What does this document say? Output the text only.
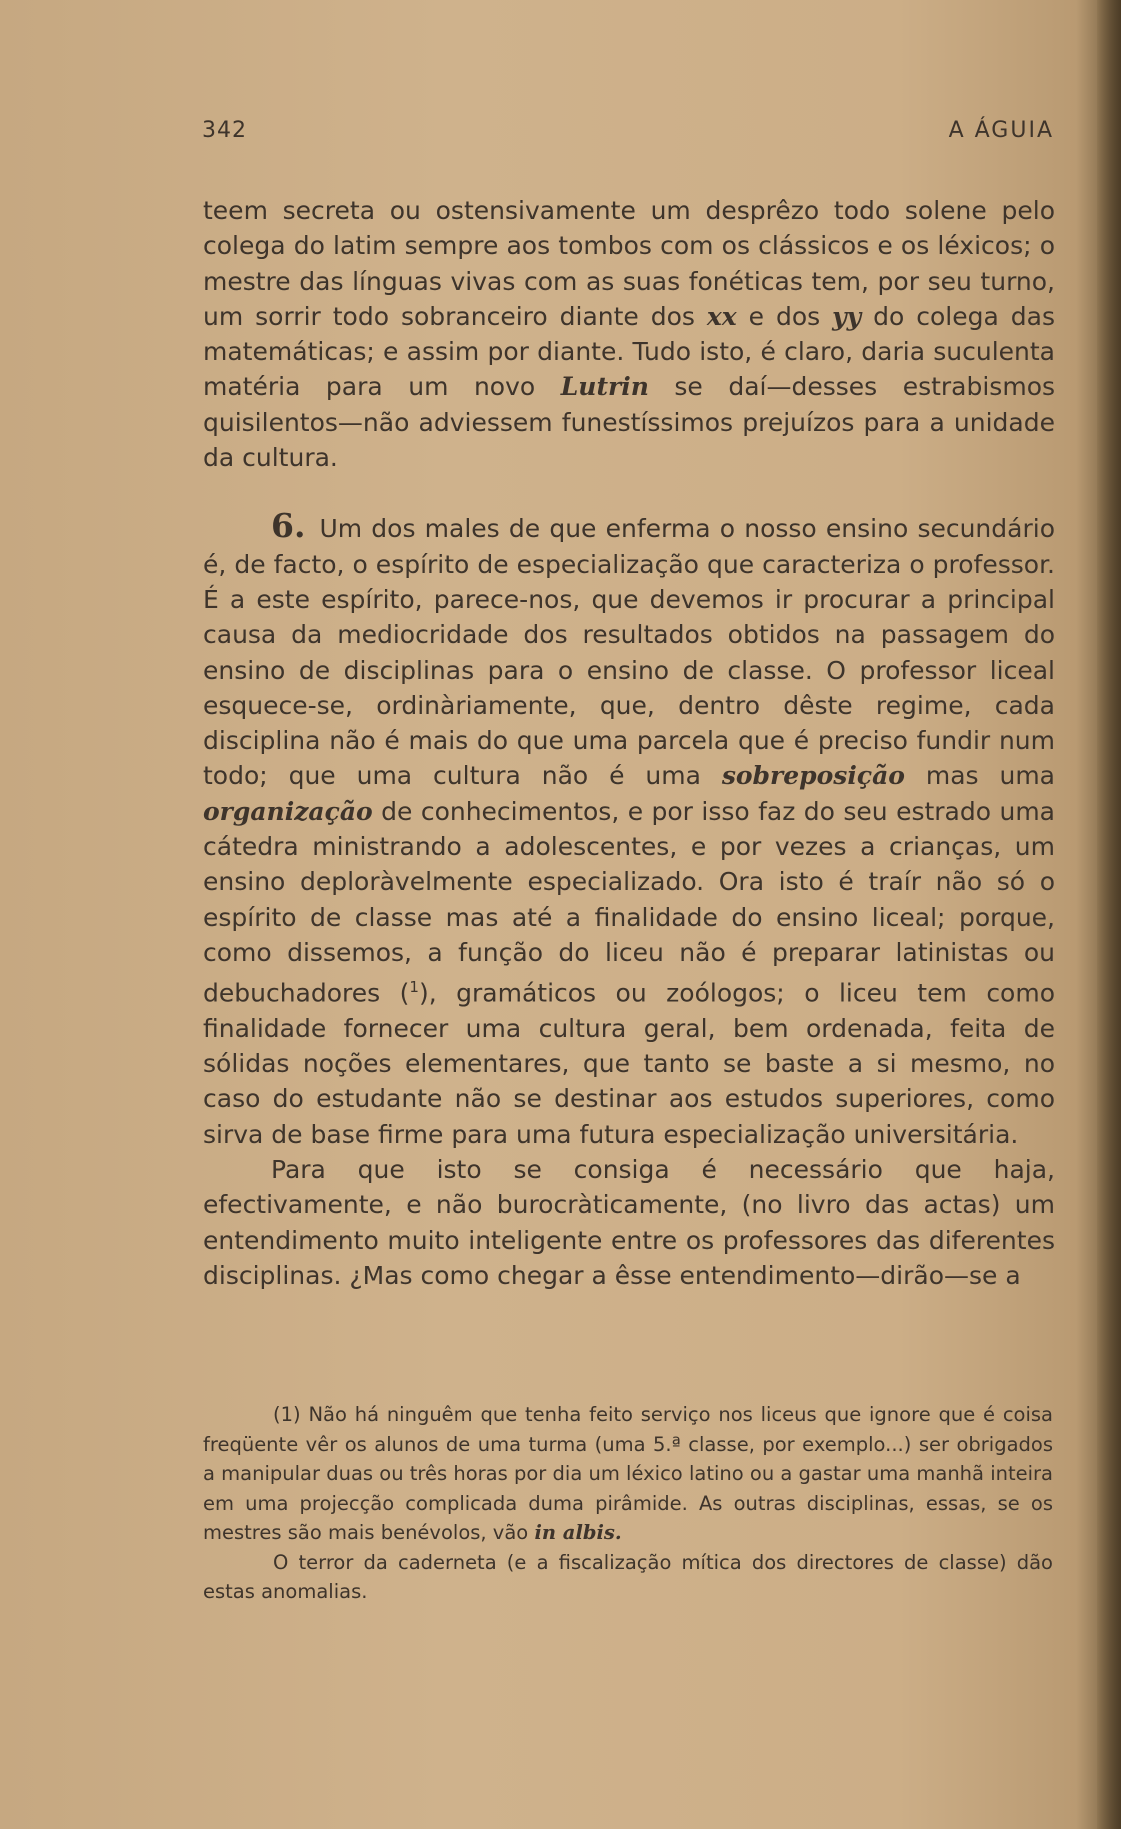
342	A ÁGUIA

teem secreta ou ostensivamente um desprêzo todo solene pelo colega do latim sempre aos tombos com os clássicos e os léxicos; o mestre das línguas vivas com as suas fonéticas tem, por seu turno, um sorrir todo sobranceiro diante dos xx e dos yy do colega das matemáticas; e assim por diante. Tudo isto, é claro, daria suculenta matéria para um novo Lutrin se daí—desses estrabismos quisilentos—não adviessem funestíssimos prejuízos para a unidade da cultura.

6. Um dos males de que enferma o nosso ensino secundário é, de facto, o espírito de especialização que caracteriza o professor. É a este espírito, parece-nos, que devemos ir procurar a principal causa da mediocridade dos resultados obtidos na passagem do ensino de disciplinas para o ensino de classe. O professor liceal esquece-se, ordinàriamente, que, dentro dêste regime, cada disciplina não é mais do que uma parcela que é preciso fundir num todo; que uma cultura não é uma sobreposição mas uma organização de conhecimentos, e por isso faz do seu estrado uma cátedra ministrando a adolescentes, e por vezes a crianças, um ensino deploràvelmente especializado. Ora isto é traír não só o espírito de classe mas até a finalidade do ensino liceal; porque, como dissemos, a função do liceu não é preparar latinistas ou debuchadores ($^1$), gramáticos ou zoólogos; o liceu tem como finalidade fornecer uma cultura geral, bem ordenada, feita de sólidas noções elementares, que tanto se baste a si mesmo, no caso do estudante não se destinar aos estudos superiores, como sirva de base firme para uma futura especialização universitária.

Para que isto se consiga é necessário que haja, efectivamente, e não burocràticamente, (no livro das actas) um entendimento muito inteligente entre os professores das diferentes disciplinas. ¿Mas como chegar a êsse entendimento—dirão—se a

(1) Não há ninguêm que tenha feito serviço nos liceus que ignore que é coisa freqüente vêr os alunos de uma turma (uma 5.ª classe, por exemplo...) ser obrigados a manipular duas ou três horas por dia um léxico latino ou a gastar uma manhã inteira em uma projecção complicada duma pirâmide. As outras disciplinas, essas, se os mestres são mais benévolos, vão in albis.

O terror da caderneta (e a fiscalização mítica dos directores de classe) dão estas anomalias.
